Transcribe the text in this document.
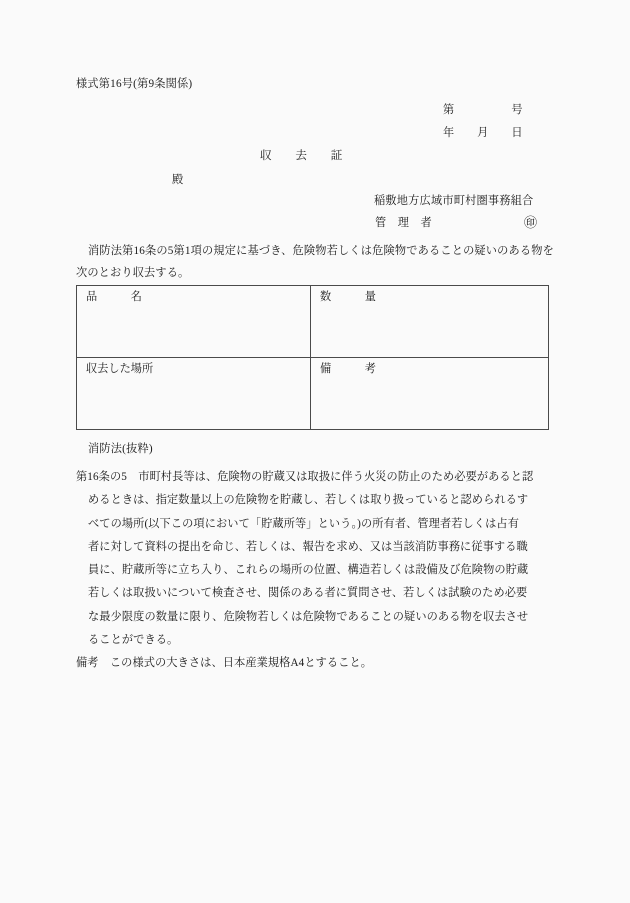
様式第16号(第9条関係)
第　　　　　号
年　　月　　日
収　　去　　証
殿
稲敷地方広域市町村圏事務組合
管　理　者	㊞
消防法第16条の5第1項の規定に基づき、危険物若しくは危険物であることの疑いのある物を次のとおり収去する。
品　　　名	数　　　量
収去した場所	備　　　考
消防法(抜粋)
第16条の5　市町村長等は、危険物の貯蔵又は取扱に伴う火災の防止のため必要があると認
めるときは、指定数量以上の危険物を貯蔵し、若しくは取り扱っていると認められるす
べての場所(以下この項において「貯蔵所等」という。)の所有者、管理者若しくは占有
者に対して資料の提出を命じ、若しくは、報告を求め、又は当該消防事務に従事する職
員に、貯蔵所等に立ち入り、これらの場所の位置、構造若しくは設備及び危険物の貯蔵
若しくは取扱いについて検査させ、関係のある者に質問させ、若しくは試験のため必要
な最少限度の数量に限り、危険物若しくは危険物であることの疑いのある物を収去させ
ることができる。
備考　この様式の大きさは、日本産業規格A4とすること。
